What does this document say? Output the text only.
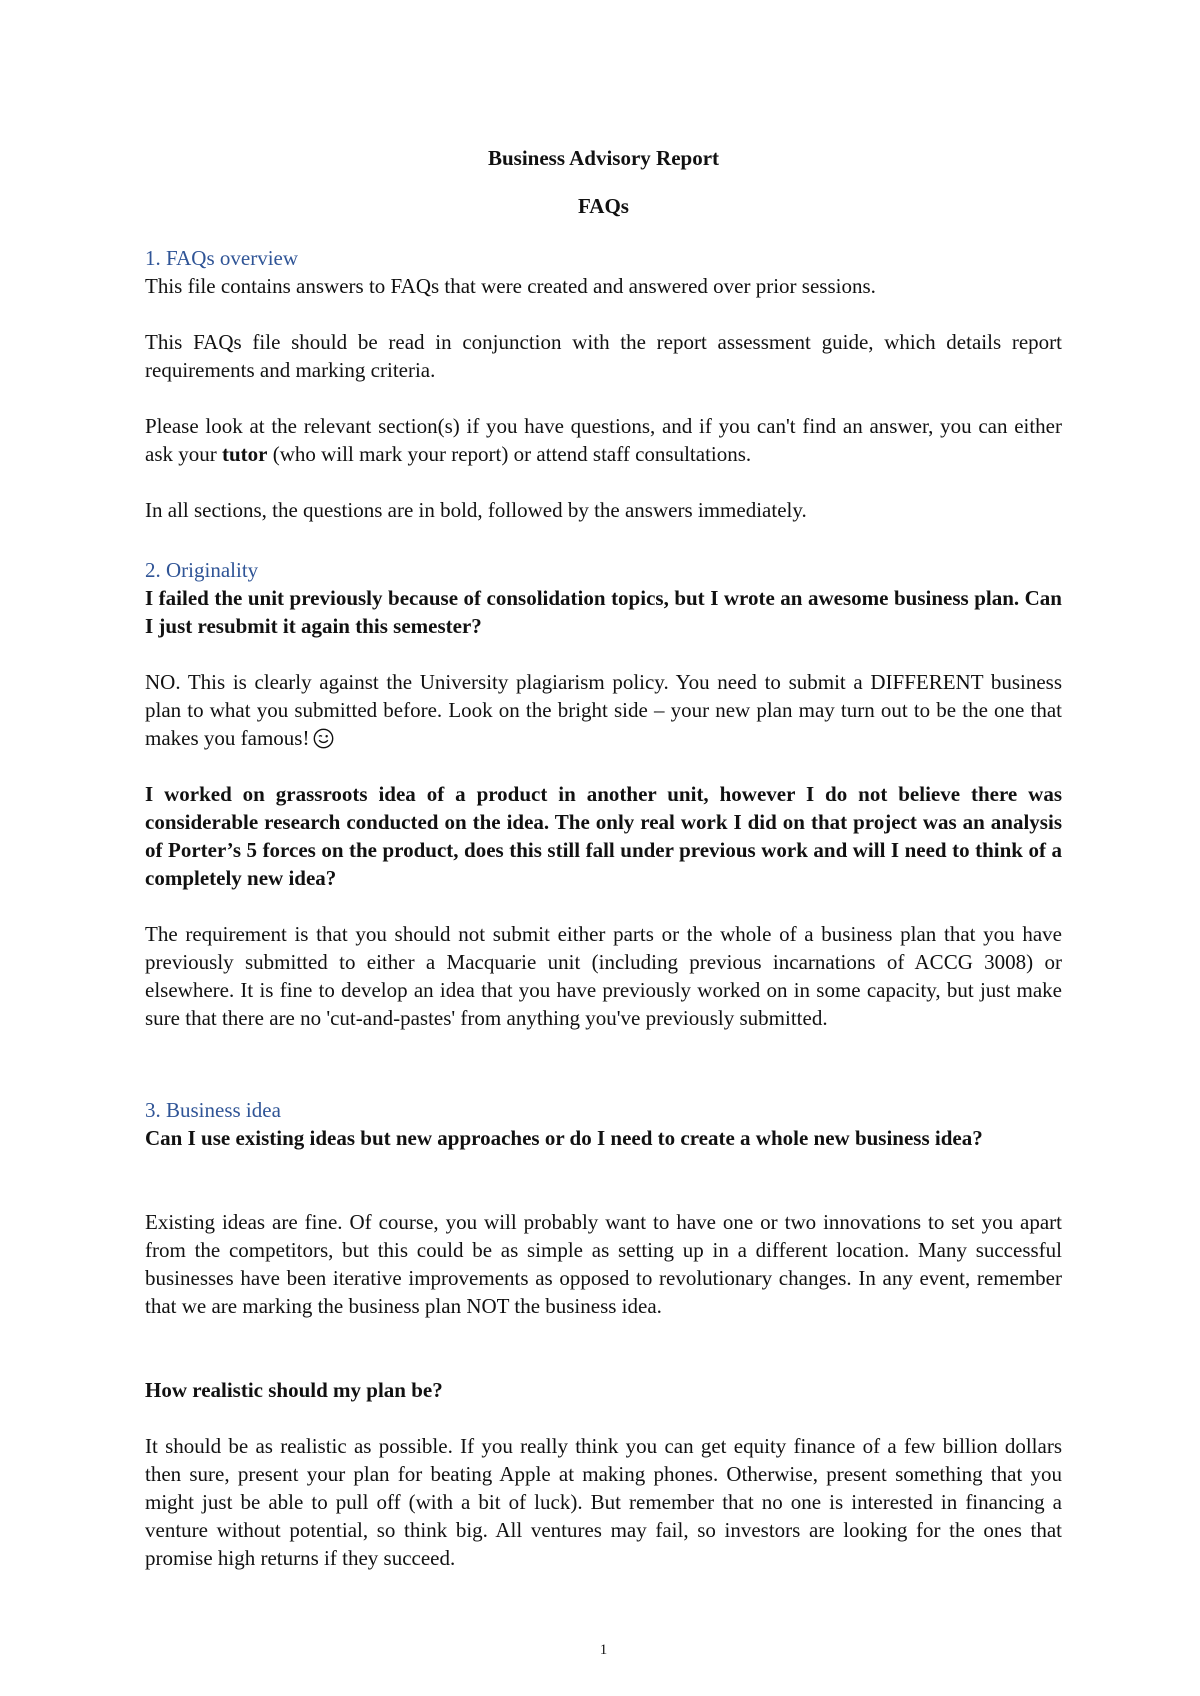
Business Advisory Report
FAQs
1. FAQs overview

This file contains answers to FAQs that were created and answered over prior sessions.

This FAQs file should be read in conjunction with the report assessment guide, which details report requirements and marking criteria.

Please look at the relevant section(s) if you have questions, and if you can't find an answer, you can either ask your tutor (who will mark your report) or attend staff consultations.

In all sections, the questions are in bold, followed by the answers immediately.

2. Originality

I failed the unit previously because of consolidation topics, but I wrote an awesome business plan. Can I just resubmit it again this semester?

NO. This is clearly against the University plagiarism policy. You need to submit a DIFFERENT business plan to what you submitted before. Look on the bright side – your new plan may turn out to be the one that makes you famous!

I worked on grassroots idea of a product in another unit, however I do not believe there was considerable research conducted on the idea. The only real work I did on that project was an analysis of Porter’s 5 forces on the product, does this still fall under previous work and will I need to think of a completely new idea?

The requirement is that you should not submit either parts or the whole of a business plan that you have previously submitted to either a Macquarie unit (including previous incarnations of ACCG 3008) or elsewhere. It is fine to develop an idea that you have previously worked on in some capacity, but just make sure that there are no 'cut-and-pastes' from anything you've previously submitted.

3. Business idea

Can I use existing ideas but new approaches or do I need to create a whole new business idea?

Existing ideas are fine. Of course, you will probably want to have one or two innovations to set you apart from the competitors, but this could be as simple as setting up in a different location. Many successful businesses have been iterative improvements as opposed to revolutionary changes. In any event, remember that we are marking the business plan NOT the business idea.

How realistic should my plan be?

It should be as realistic as possible. If you really think you can get equity finance of a few billion dollars then sure, present your plan for beating Apple at making phones. Otherwise, present something that you might just be able to pull off (with a bit of luck). But remember that no one is interested in financing a venture without potential, so think big. All ventures may fail, so investors are looking for the ones that promise high returns if they succeed.

1
